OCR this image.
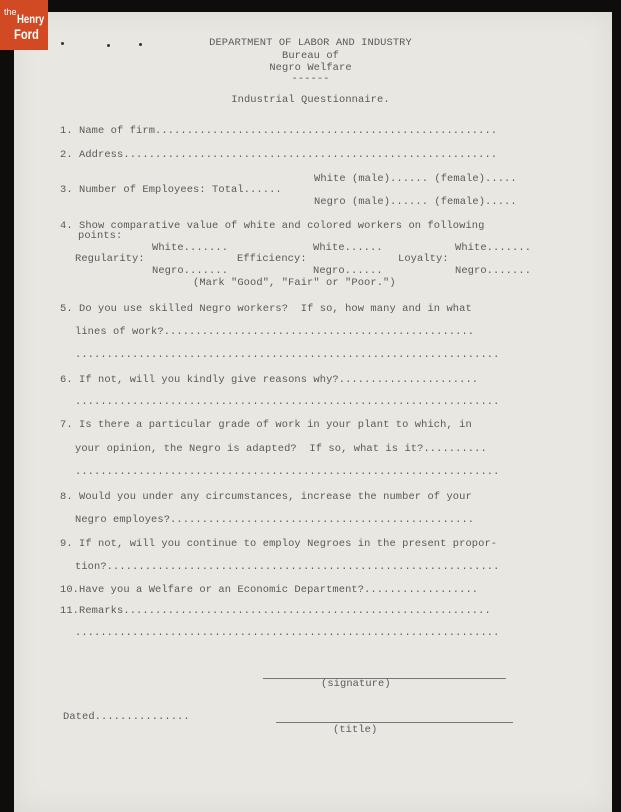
the Henry
Ford
DEPARTMENT OF LABOR AND INDUSTRY
Bureau of
Negro Welfare
------
Industrial Questionnaire.
1. Name of firm......................................................
2. Address...........................................................
White (male)...... (female).....
3. Number of Employees: Total......
Negro (male)...... (female).....
4. Show comparative value of white and colored workers on following
points:
White.......	White......	White.......
Regularity:	Efficiency:	Loyalty:
Negro.......	Negro......	Negro.......
(Mark "Good", "Fair" or "Poor.")
5. Do you use skilled Negro workers?  If so, how many and in what
lines of work?.................................................
...................................................................
6. If not, will you kindly give reasons why?......................
...................................................................
7. Is there a particular grade of work in your plant to which, in
your opinion, the Negro is adapted?  If so, what is it?..........
...................................................................
8. Would you under any circumstances, increase the number of your
Negro employes?................................................
9. If not, will you continue to employ Negroes in the present propor-
tion?..............................................................
10.Have you a Welfare or an Economic Department?..................
11.Remarks..........................................................
...................................................................
(signature)
Dated...............
(title)
